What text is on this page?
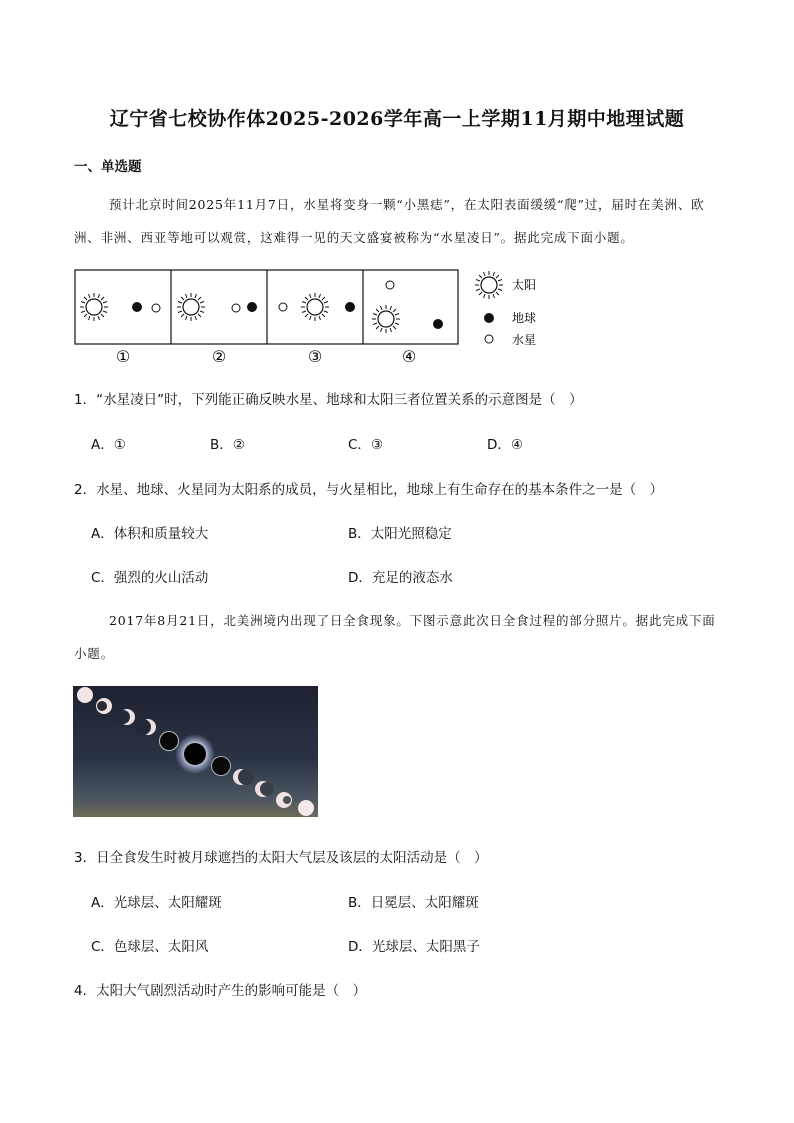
辽宁省七校协作体2025-2026学年高一上学期11月期中地理试题
一、单选题
预计北京时间2025年11月7日，水星将变身一颗“小黑痣”，在太阳表面缓缓“爬”过，届时在美洲、欧洲、非洲、西亚等地可以观赏，这难得一见的天文盛宴被称为“水星凌日”。据此完成下面小题。
①	②	③	④
太阳
地球
水星
1．“水星凌日”时，下列能正确反映水星、地球和太阳三者位置关系的示意图是（　）
A．①	B．②	C．③	D．④
2．水星、地球、火星同为太阳系的成员，与火星相比，地球上有生命存在的基本条件之一是（　）
A．体积和质量较大	B．太阳光照稳定
C．强烈的火山活动	D．充足的液态水
2017年8月21日，北美洲境内出现了日全食现象。下图示意此次日全食过程的部分照片。据此完成下面小题。
3．日全食发生时被月球遮挡的太阳大气层及该层的太阳活动是（　）
A．光球层、太阳耀斑	B．日冕层、太阳耀斑
C．色球层、太阳风	D．光球层、太阳黑子
4．太阳大气剧烈活动时产生的影响可能是（　）
